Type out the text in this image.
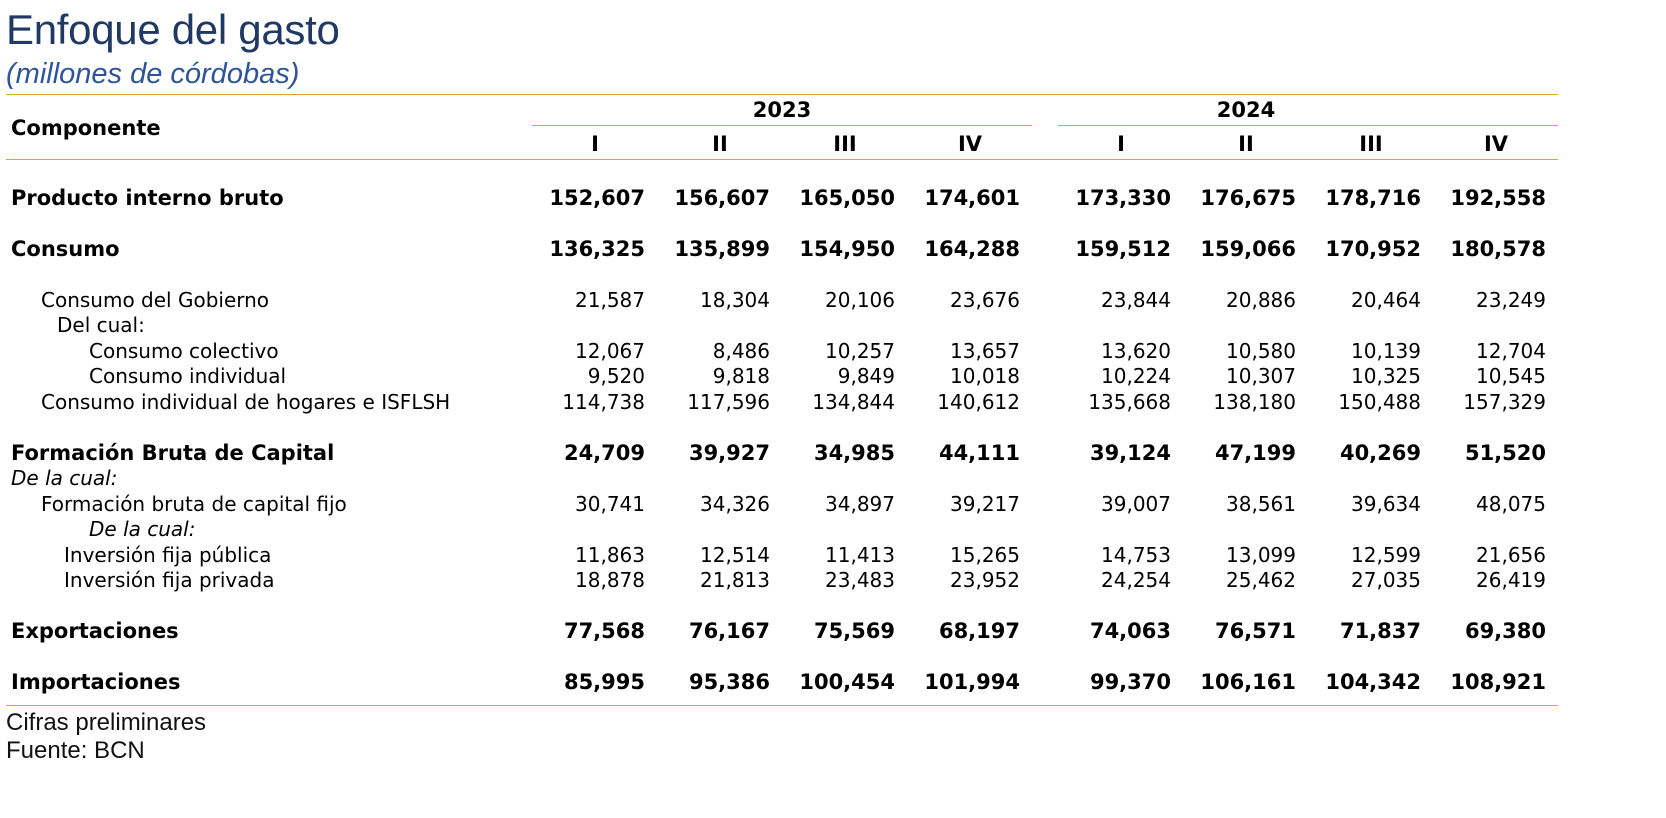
Enfoque del gasto
(millones de córdobas)
Componente
2023	2024
I	II	III	IV	I	II	III	IV
Producto interno bruto	152,607	156,607	165,050	174,601	173,330	176,675	178,716	192,558
Consumo	136,325	135,899	154,950	164,288	159,512	159,066	170,952	180,578
Consumo del Gobierno	21,587	18,304	20,106	23,676	23,844	20,886	20,464	23,249
Del cual:
Consumo colectivo	12,067	8,486	10,257	13,657	13,620	10,580	10,139	12,704
Consumo individual	9,520	9,818	9,849	10,018	10,224	10,307	10,325	10,545
Consumo individual de hogares e ISFLSH	114,738	117,596	134,844	140,612	135,668	138,180	150,488	157,329
Formación Bruta de Capital	24,709	39,927	34,985	44,111	39,124	47,199	40,269	51,520
De la cual:
Formación bruta de capital fijo	30,741	34,326	34,897	39,217	39,007	38,561	39,634	48,075
De la cual:
Inversión fija pública	11,863	12,514	11,413	15,265	14,753	13,099	12,599	21,656
Inversión fija privada	18,878	21,813	23,483	23,952	24,254	25,462	27,035	26,419
Exportaciones	77,568	76,167	75,569	68,197	74,063	76,571	71,837	69,380
Importaciones	85,995	95,386	100,454	101,994	99,370	106,161	104,342	108,921
Cifras preliminares
Fuente: BCN
